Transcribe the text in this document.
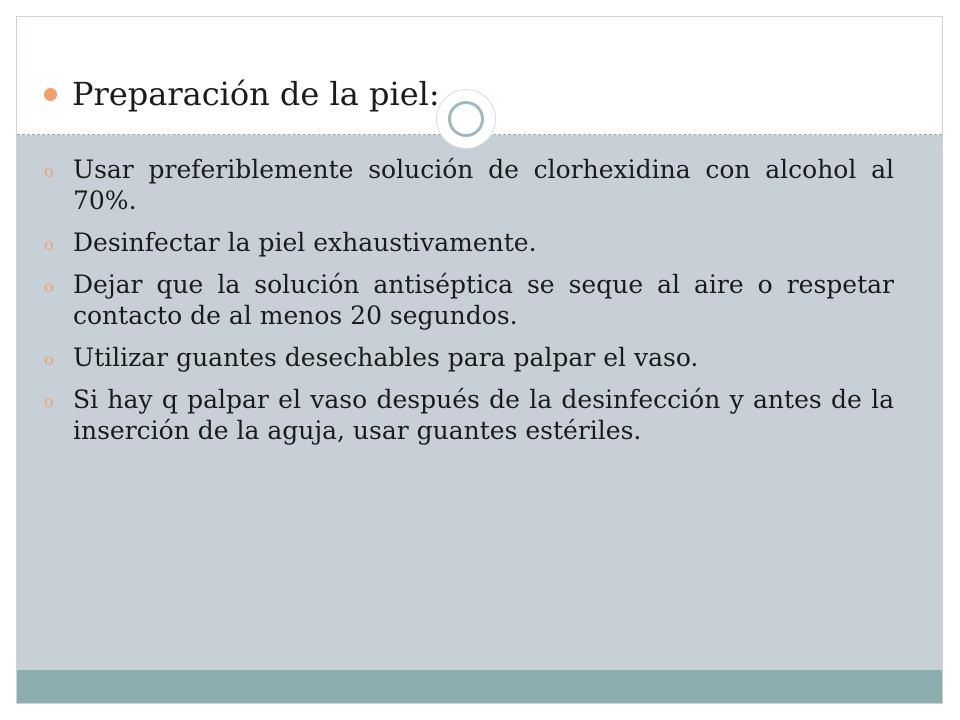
Preparación de la piel:
o Usar preferiblemente solución de clorhexidina con alcohol al 70%.
o Desinfectar la piel exhaustivamente.
o Dejar que la solución antiséptica se seque al aire o respetar contacto de al menos 20 segundos.
o Utilizar guantes desechables para palpar el vaso.
o Si hay q palpar el vaso después de la desinfección y antes de la inserción de la aguja, usar guantes estériles.
